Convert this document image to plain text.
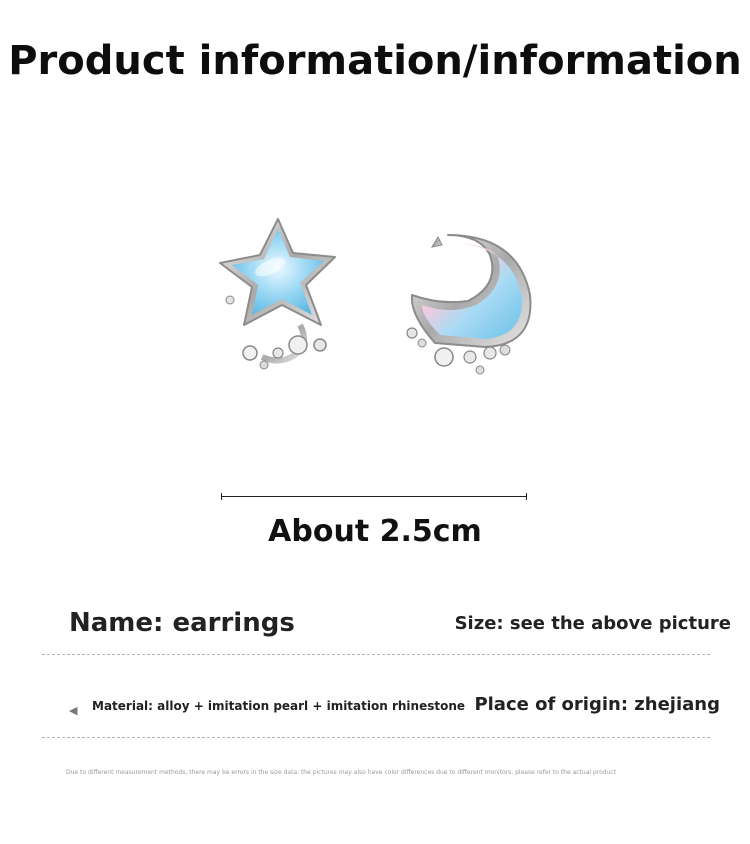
Product information/information
About 2.5cm
Name: earrings	Size: see the above picture
◀ Material: alloy + imitation pearl + imitation rhinestone Place of origin: zhejiang
Due to different measurement methods, there may be errors in the size data. the pictures may also have color differences due to different monitors. please refer to the actual product
